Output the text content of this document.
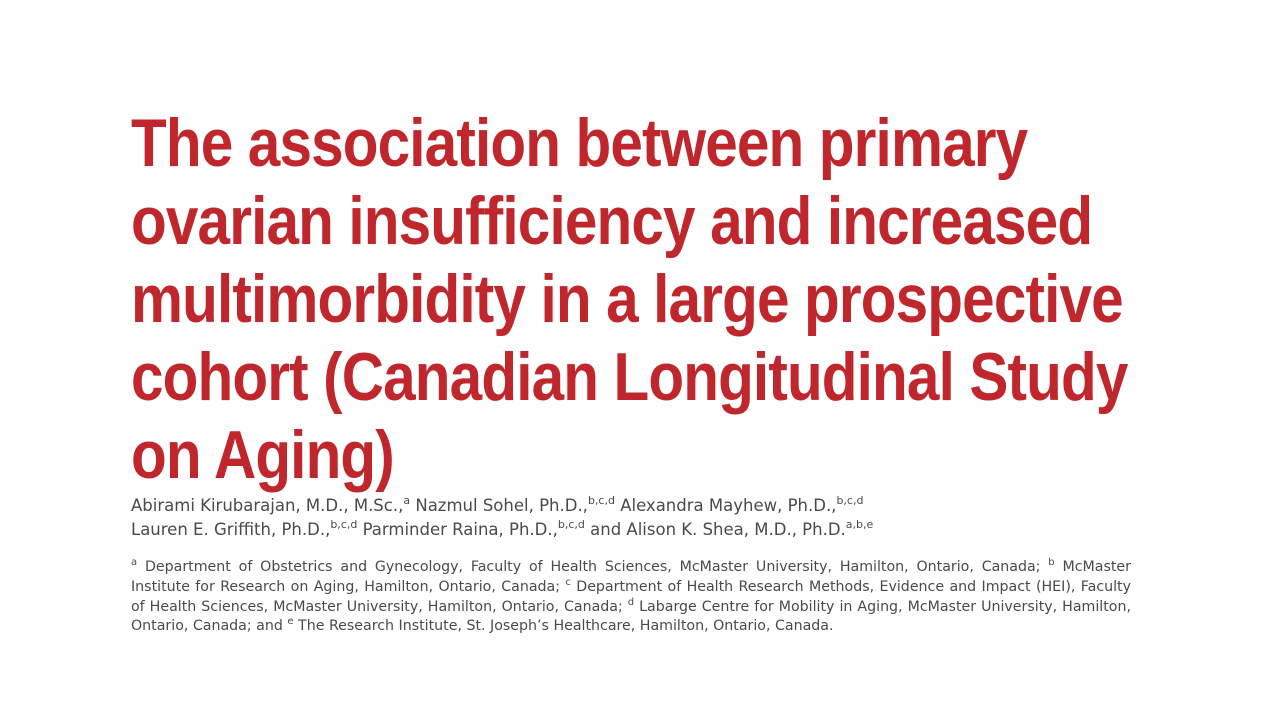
The association between primary
ovarian insufficiency and increased
multimorbidity in a large prospective
cohort (Canadian Longitudinal Study
on Aging)
Abirami Kirubarajan, M.D., M.Sc.,$^a$ Nazmul Sohel, Ph.D.,$^{b,c,d}$ Alexandra Mayhew, Ph.D.,$^{b,c,d}$
Lauren E. Griffith, Ph.D.,$^{b,c,d}$ Parminder Raina, Ph.D.,$^{b,c,d}$ and Alison K. Shea, M.D., Ph.D.$^{a,b,e}$
$^a$ Department of Obstetrics and Gynecology, Faculty of Health Sciences, McMaster University, Hamilton, Ontario, Canada; $^b$ McMaster Institute for Research on Aging, Hamilton, Ontario, Canada; $^c$ Department of Health Research Methods, Evidence and Impact (HEI), Faculty of Health Sciences, McMaster University, Hamilton, Ontario, Canada; $^d$ Labarge Centre for Mobility in Aging, McMaster University, Hamilton, Ontario, Canada; and $^e$ The Research Institute, St. Joseph’s Healthcare, Hamilton, Ontario, Canada.
